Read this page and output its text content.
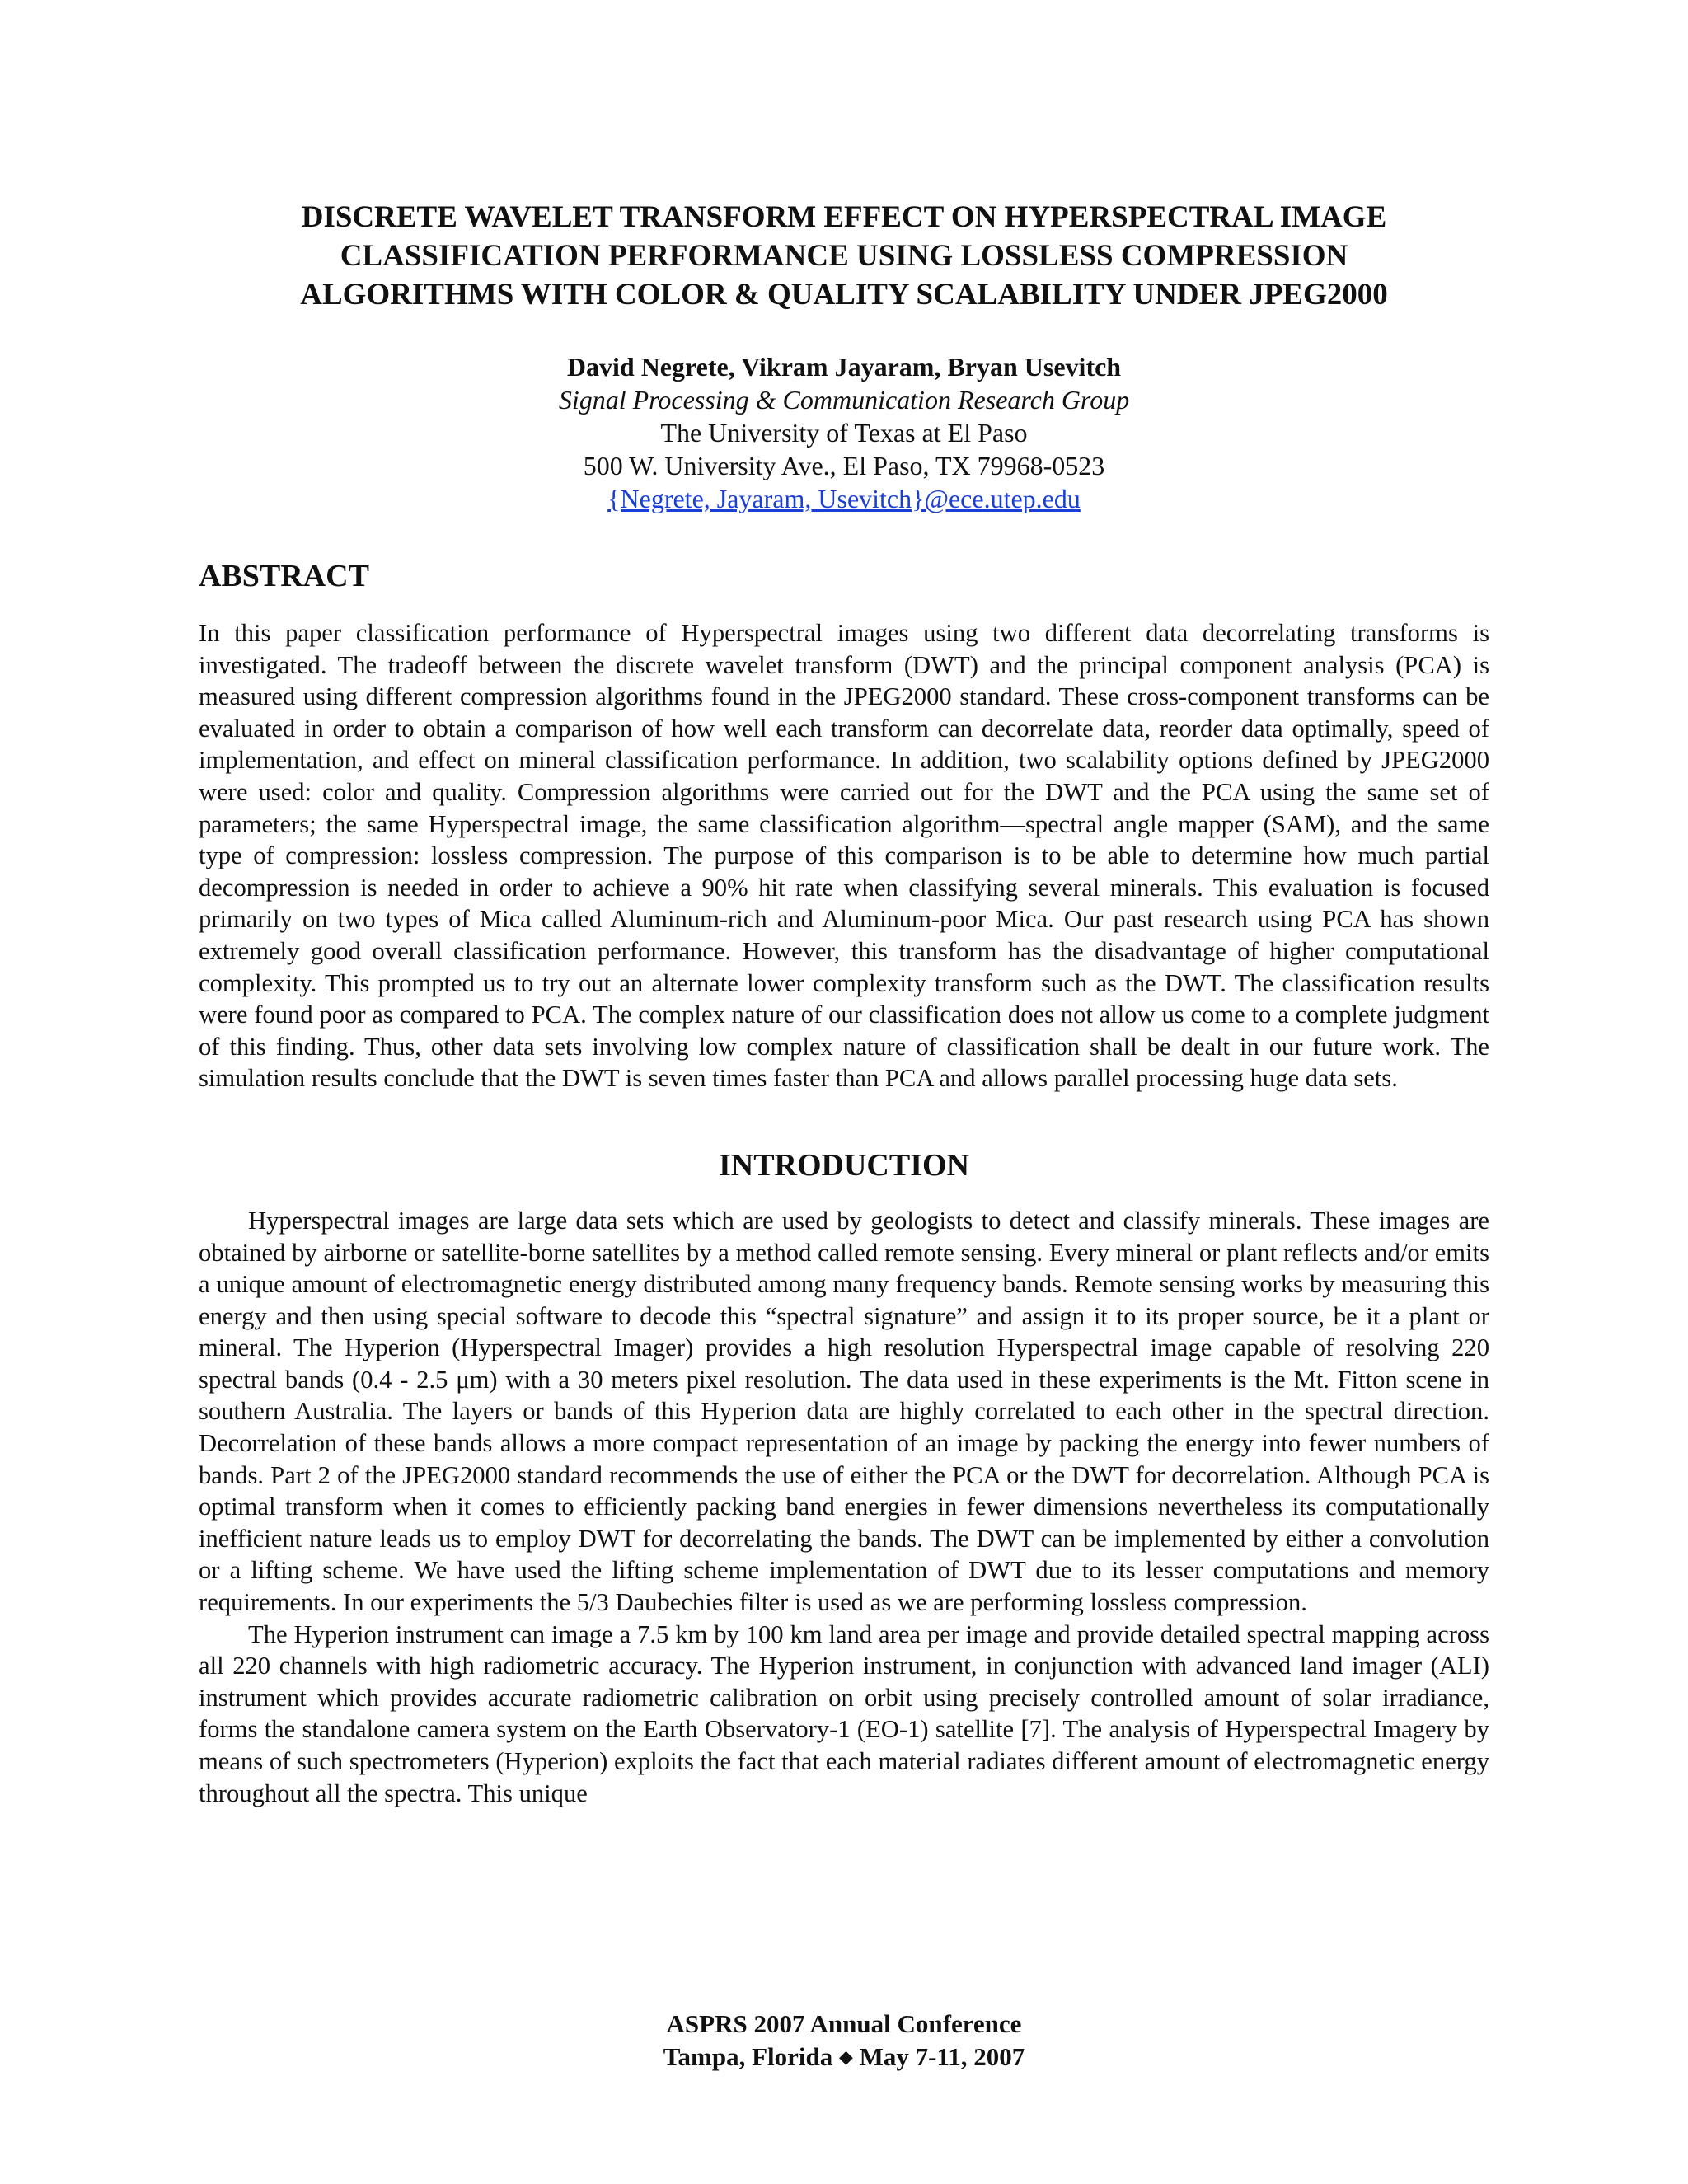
DISCRETE WAVELET TRANSFORM EFFECT ON HYPERSPECTRAL IMAGE
CLASSIFICATION PERFORMANCE USING LOSSLESS COMPRESSION
ALGORITHMS WITH COLOR & QUALITY SCALABILITY UNDER JPEG2000
David Negrete, Vikram Jayaram, Bryan Usevitch
Signal Processing & Communication Research Group
The University of Texas at El Paso
500 W. University Ave., El Paso, TX 79968-0523
{Negrete, Jayaram, Usevitch}@ece.utep.edu
ABSTRACT
In this paper classification performance of Hyperspectral images using two different data decorrelating transforms is investigated. The tradeoff between the discrete wavelet transform (DWT) and the principal component analysis (PCA) is measured using different compression algorithms found in the JPEG2000 standard. These cross-component transforms can be evaluated in order to obtain a comparison of how well each transform can decorrelate data, reorder data optimally, speed of implementation, and effect on mineral classification performance. In addition, two scalability options defined by JPEG2000 were used: color and quality. Compression algorithms were carried out for the DWT and the PCA using the same set of parameters; the same Hyperspectral image, the same classification algorithm—spectral angle mapper (SAM), and the same type of compression: lossless compression. The purpose of this comparison is to be able to determine how much partial decompression is needed in order to achieve a 90% hit rate when classifying several minerals. This evaluation is focused primarily on two types of Mica called Aluminum-rich and Aluminum-poor Mica. Our past research using PCA has shown extremely good overall classification performance. However, this transform has the disadvantage of higher computational complexity. This prompted us to try out an alternate lower complexity transform such as the DWT. The classification results were found poor as compared to PCA. The complex nature of our classification does not allow us come to a complete judgment of this finding. Thus, other data sets involving low complex nature of classification shall be dealt in our future work. The simulation results conclude that the DWT is seven times faster than PCA and allows parallel processing huge data sets.
INTRODUCTION

Hyperspectral images are large data sets which are used by geologists to detect and classify minerals. These images are obtained by airborne or satellite-borne satellites by a method called remote sensing. Every mineral or plant reflects and/or emits a unique amount of electromagnetic energy distributed among many frequency bands. Remote sensing works by measuring this energy and then using special software to decode this “spectral signature” and assign it to its proper source, be it a plant or mineral. The Hyperion (Hyperspectral Imager) provides a high resolution Hyperspectral image capable of resolving 220 spectral bands (0.4 - 2.5 μm) with a 30 meters pixel resolution. The data used in these experiments is the Mt. Fitton scene in southern Australia. The layers or bands of this Hyperion data are highly correlated to each other in the spectral direction. Decorrelation of these bands allows a more compact representation of an image by packing the energy into fewer numbers of bands. Part 2 of the JPEG2000 standard recommends the use of either the PCA or the DWT for decorrelation. Although PCA is optimal transform when it comes to efficiently packing band energies in fewer dimensions nevertheless its computationally inefficient nature leads us to employ DWT for decorrelating the bands. The DWT can be implemented by either a convolution or a lifting scheme. We have used the lifting scheme implementation of DWT due to its lesser computations and memory requirements. In our experiments the 5/3 Daubechies filter is used as we are performing lossless compression.

The Hyperion instrument can image a 7.5 km by 100 km land area per image and provide detailed spectral mapping across all 220 channels with high radiometric accuracy. The Hyperion instrument, in conjunction with advanced land imager (ALI) instrument which provides accurate radiometric calibration on orbit using precisely controlled amount of solar irradiance, forms the standalone camera system on the Earth Observatory-1 (EO-1) satellite [7]. The analysis of Hyperspectral Imagery by means of such spectrometers (Hyperion) exploits the fact that each material radiates different amount of electromagnetic energy throughout all the spectra. This unique

ASPRS 2007 Annual Conference
Tampa, Florida ◆ May 7-11, 2007
